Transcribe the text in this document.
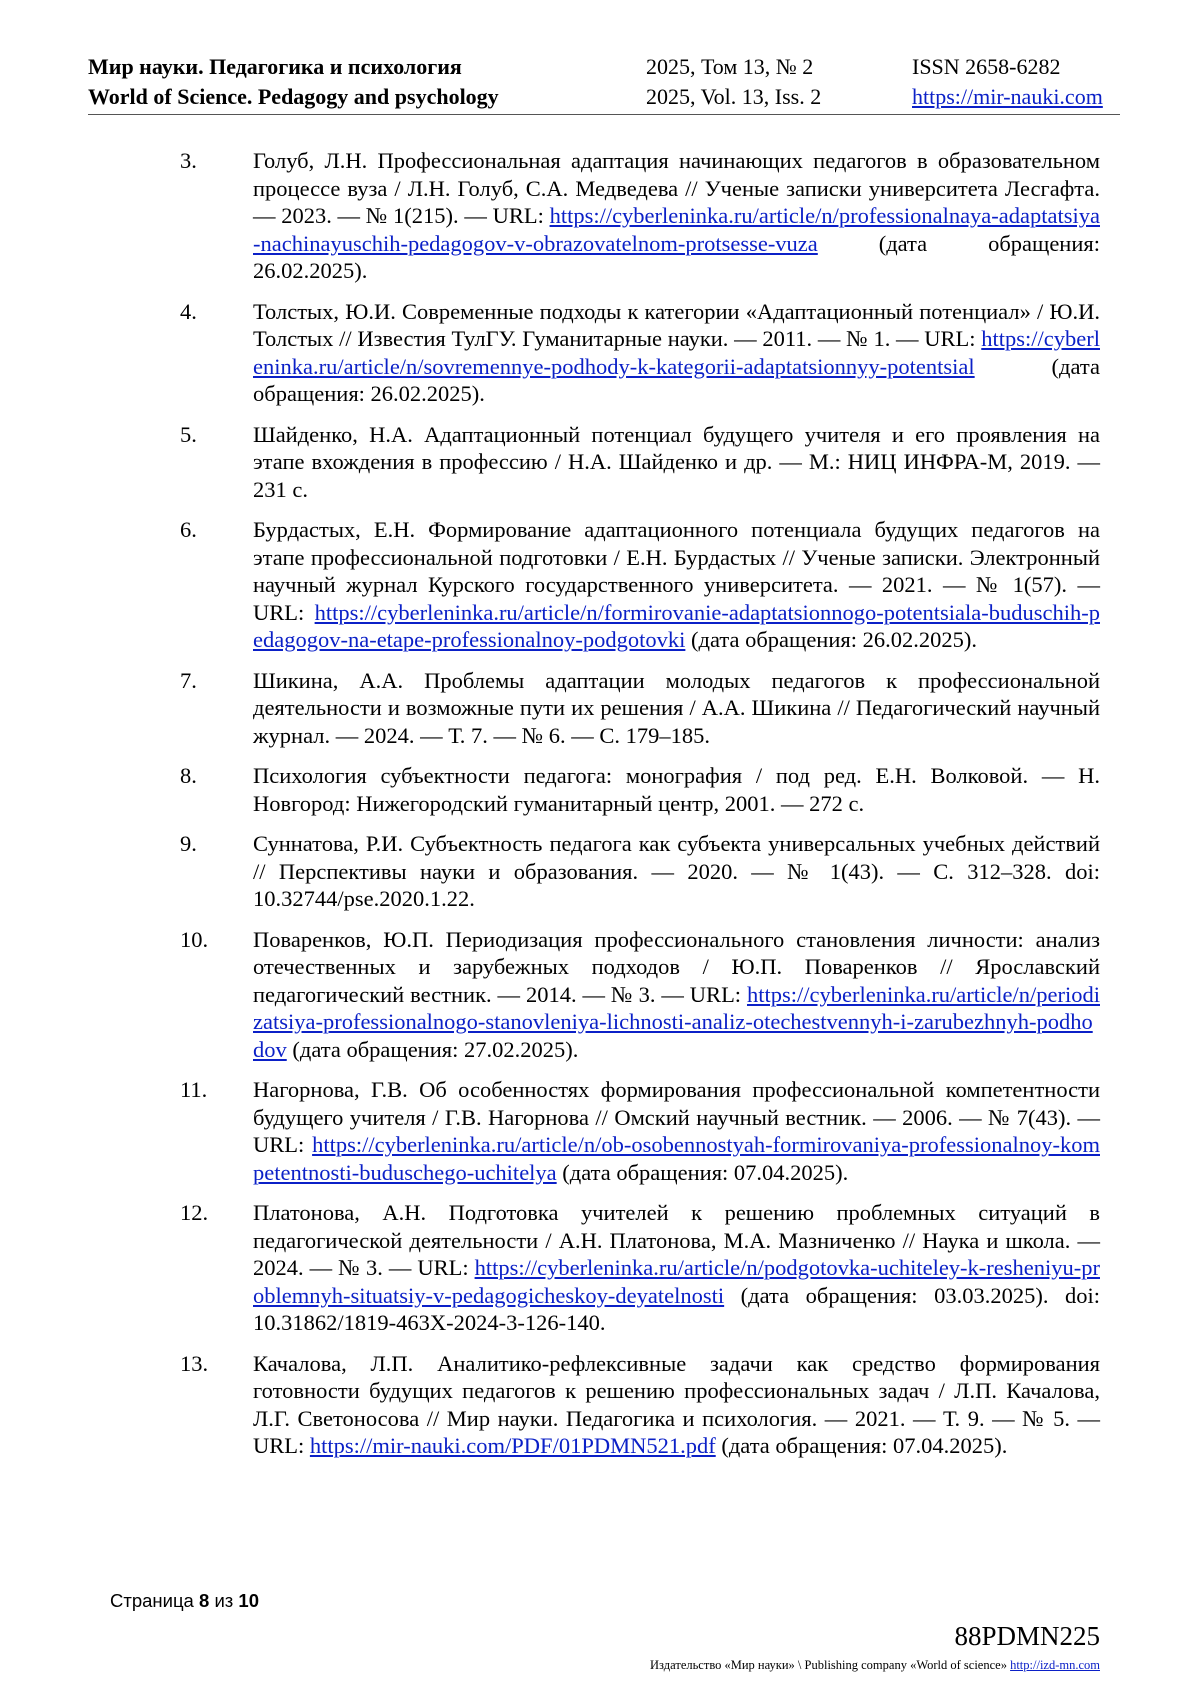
Мир науки. Педагогика и психология
World of Science. Pedagogy and psychology
2025, Том 13, № 2
2025, Vol. 13, Iss. 2
ISSN 2658-6282
https://mir-nauki.com
3. Голуб, Л.Н. Профессиональная адаптация начинающих педагогов в образовательном процессе вуза / Л.Н. Голуб, С.А. Медведева // Ученые записки университета Лесгафта. — 2023. — № 1(215). — URL: https://cyberleninka.ru/article/n/professionalnaya-adaptatsiya-nachinayuschih-pedagogov-v-obrazovatelnom-protsesse-vuza (дата обращения: 26.02.2025).
4. Толстых, Ю.И. Современные подходы к категории «Адаптационный потенциал» / Ю.И. Толстых // Известия ТулГУ. Гуманитарные науки. — 2011. — № 1. — URL: https://cyberleninka.ru/article/n/sovremennye-podhody-k-kategorii-adaptatsionnyy-potentsial (дата обращения: 26.02.2025).
5. Шайденко, Н.А. Адаптационный потенциал будущего учителя и его проявления на этапе вхождения в профессию / Н.А. Шайденко и др. — М.: НИЦ ИНФРА-М, 2019. — 231 с.
6. Бурдастых, Е.Н. Формирование адаптационного потенциала будущих педагогов на этапе профессиональной подготовки / Е.Н. Бурдастых // Ученые записки. Электронный научный журнал Курского государственного университета. — 2021. — № 1(57). — URL: https://cyberleninka.ru/article/n/formirovanie-adaptatsionnogo-potentsiala-buduschih-pedagogov-na-etape-professionalnoy-podgotovki (дата обращения: 26.02.2025).
7. Шикина, А.А. Проблемы адаптации молодых педагогов к профессиональной деятельности и возможные пути их решения / А.А. Шикина // Педагогический научный журнал. — 2024. — Т. 7. — № 6. — С. 179–185.
8. Психология субъектности педагога: монография / под ред. Е.Н. Волковой. — Н. Новгород: Нижегородский гуманитарный центр, 2001. — 272 с.
9. Суннатова, Р.И. Субъектность педагога как субъекта универсальных учебных действий // Перспективы науки и образования. — 2020. — № 1(43). — С. 312–328. doi: 10.32744/pse.2020.1.22.
10. Поваренков, Ю.П. Периодизация профессионального становления личности: анализ отечественных и зарубежных подходов / Ю.П. Поваренков // Ярославский педагогический вестник. — 2014. — № 3. — URL: https://cyberleninka.ru/article/n/periodizatsiya-professionalnogo-stanovleniya-lichnosti-analiz-otechestvennyh-i-zarubezhnyh-podhodov (дата обращения: 27.02.2025).
11. Нагорнова, Г.В. Об особенностях формирования профессиональной компетентности будущего учителя / Г.В. Нагорнова // Омский научный вестник. — 2006. — № 7(43). — URL: https://cyberleninka.ru/article/n/ob-osobennostyah-formirovaniya-professionalnoy-kompetentnosti-buduschego-uchitelya (дата обращения: 07.04.2025).
12. Платонова, А.Н. Подготовка учителей к решению проблемных ситуаций в педагогической деятельности / А.Н. Платонова, М.А. Мазниченко // Наука и школа. — 2024. — № 3. — URL: https://cyberleninka.ru/article/n/podgotovka-uchiteley-k-resheniyu-problemnyh-situatsiy-v-pedagogicheskoy-deyatelnosti (дата обращения: 03.03.2025). doi: 10.31862/1819-463X-2024-3-126-140.
13. Качалова, Л.П. Аналитико-рефлексивные задачи как средство формирования готовности будущих педагогов к решению профессиональных задач / Л.П. Качалова, Л.Г. Светоносова // Мир науки. Педагогика и психология. — 2021. — Т. 9. — № 5. — URL: https://mir-nauki.com/PDF/01PDMN521.pdf (дата обращения: 07.04.2025).
Страница 8 из 10
88PDMN225
Издательство «Мир науки» \ Publishing company «World of science» http://izd-mn.com
